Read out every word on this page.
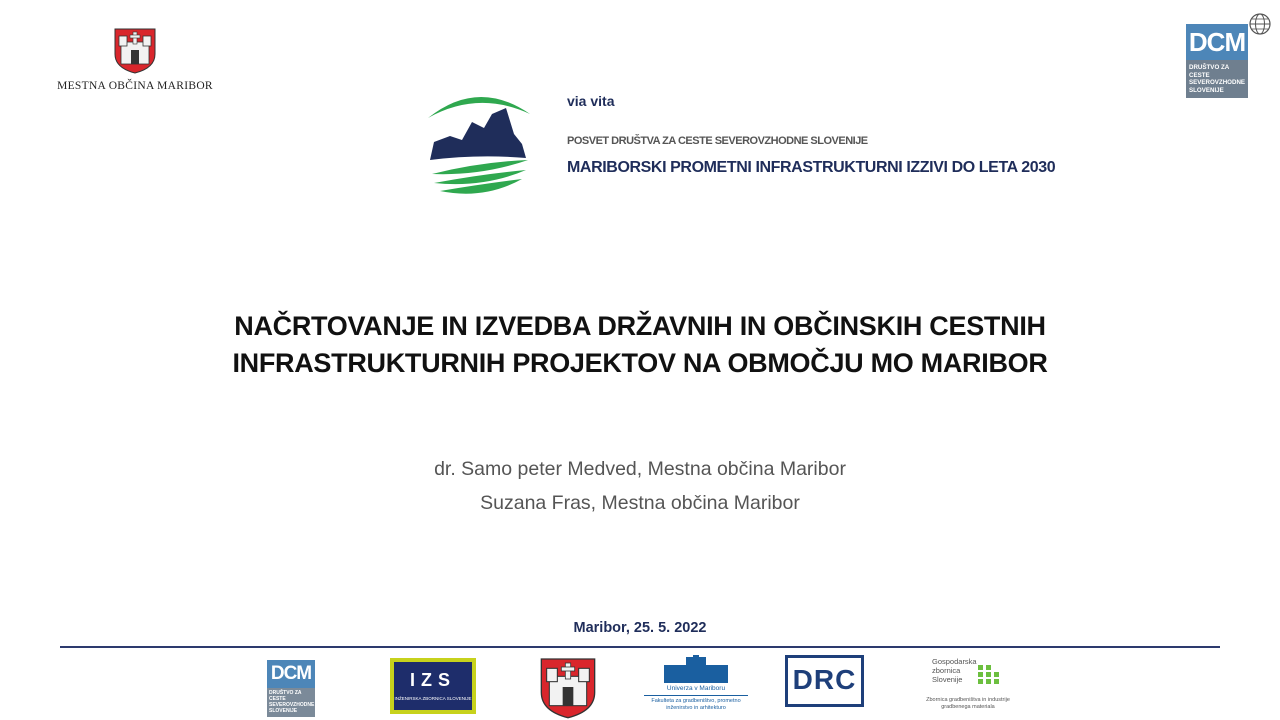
MESTNA OBČINA MARIBOR
DCM
DRUŠTVO ZA CESTE SEVEROVZHODNE SLOVENIJE
via vita
POSVET DRUŠTVA ZA CESTE SEVEROVZHODNE SLOVENIJE
MARIBORSKI PROMETNI INFRASTRUKTURNI IZZIVI DO LETA 2030
NAČRTOVANJE IN IZVEDBA DRŽAVNIH IN OBČINSKIH CESTNIH
INFRASTRUKTURNIH PROJEKTOV NA OBMOČJU MO MARIBOR
dr. Samo peter Medved, Mestna občina Maribor
Suzana Fras, Mestna občina Maribor
Maribor, 25. 5. 2022
DCM
DRUŠTVO ZA CESTE SEVEROVZHODNE SLOVENIJE
IZS
INŽENIRSKA ZBORNICA SLOVENIJE
Univerza v Mariboru
Fakulteta za gradbeništvo, prometno inženirstvo in arhitekturo
DRC
Gospodarska zbornica Slovenije
Zbornica gradbeništva in industrije gradbenega materiala
